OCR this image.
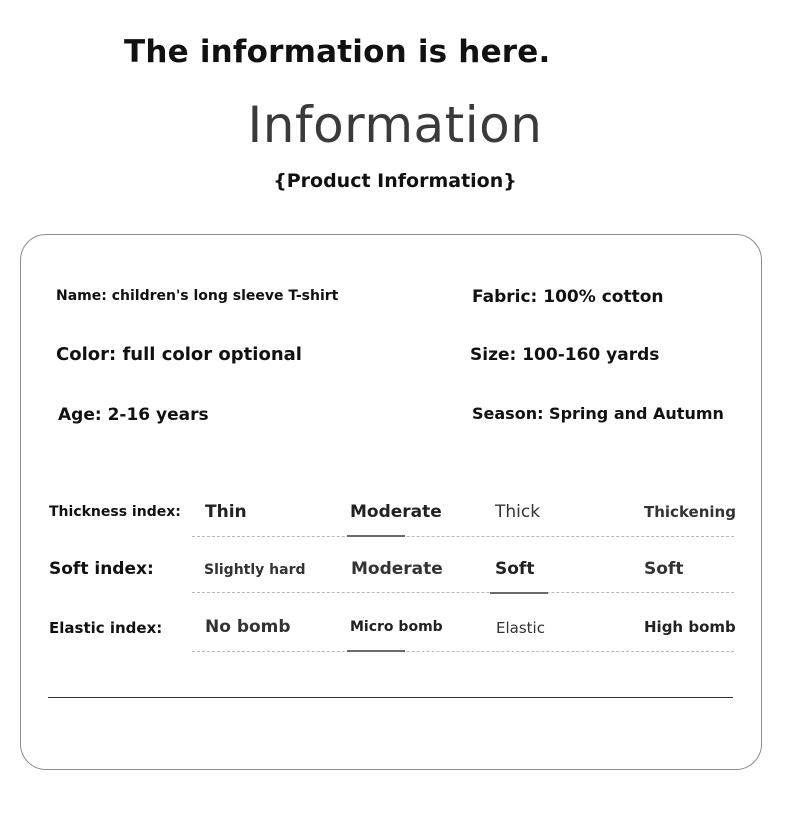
The information is here.
Information
{Product Information}
Name: children's long sleeve T-shirt	Fabric: 100% cotton
Color: full color optional	Size: 100-160 yards
Age: 2-16 years	Season: Spring and Autumn
Thickness index: Thin	Moderate	Thick	Thickening
Soft index:	Slightly hard	Moderate	Soft	Soft
Elastic index:	No bomb	Micro bomb	Elastic	High bomb
